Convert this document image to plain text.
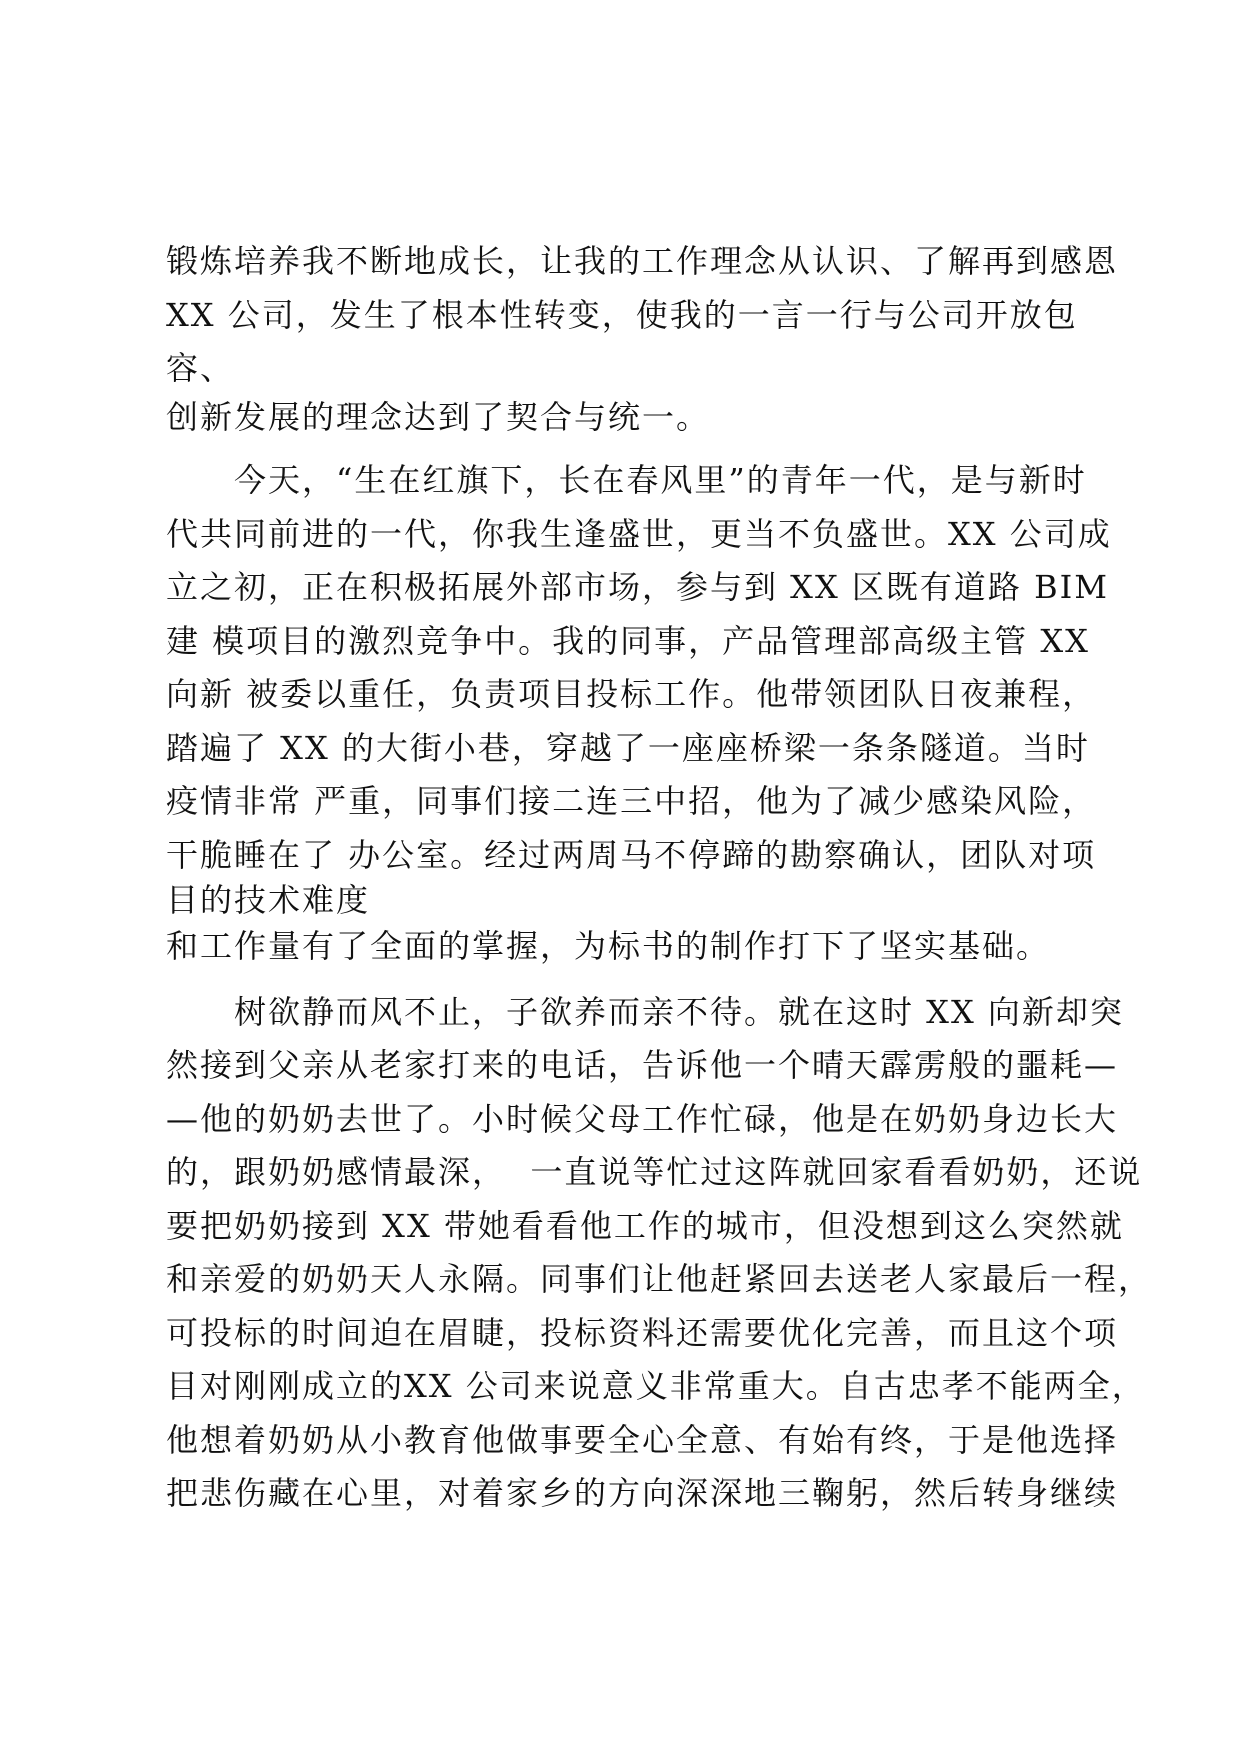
锻炼培养我不断地成长，让我的工作理念从认识、了解再到感恩
XX 公司，发生了根本性转变，使我的一言一行与公司开放包
容、
创新发展的理念达到了契合与统一。
　　今天，“生在红旗下，长在春风里”的青年一代，是与新时
代共同前进的一代，你我生逢盛世，更当不负盛世。XX 公司成
立之初，正在积极拓展外部市场，参与到 XX 区既有道路 BIM
建 模项目的激烈竞争中。我的同事，产品管理部高级主管 XX
向新 被委以重任，负责项目投标工作。他带领团队日夜兼程，
踏遍了 XX 的大街小巷，穿越了一座座桥梁一条条隧道。当时
疫情非常 严重，同事们接二连三中招，他为了减少感染风险，
干脆睡在了 办公室。经过两周马不停蹄的勘察确认，团队对项
目的技术难度
和工作量有了全面的掌握，为标书的制作打下了坚实基础。
　　树欲静而风不止，子欲养而亲不待。就在这时 XX 向新却突
然接到父亲从老家打来的电话，告诉他一个晴天霹雳般的噩耗—
—他的奶奶去世了。小时候父母工作忙碌，他是在奶奶身边长大
的，跟奶奶感情最深，  一直说等忙过这阵就回家看看奶奶，还说
要把奶奶接到 XX 带她看看他工作的城市，但没想到这么突然就
和亲爱的奶奶天人永隔。同事们让他赶紧回去送老人家最后一程，
可投标的时间迫在眉睫，投标资料还需要优化完善，而且这个项
目对刚刚成立的XX 公司来说意义非常重大。自古忠孝不能两全，
他想着奶奶从小教育他做事要全心全意、有始有终，于是他选择
把悲伤藏在心里，对着家乡的方向深深地三鞠躬，然后转身继续
